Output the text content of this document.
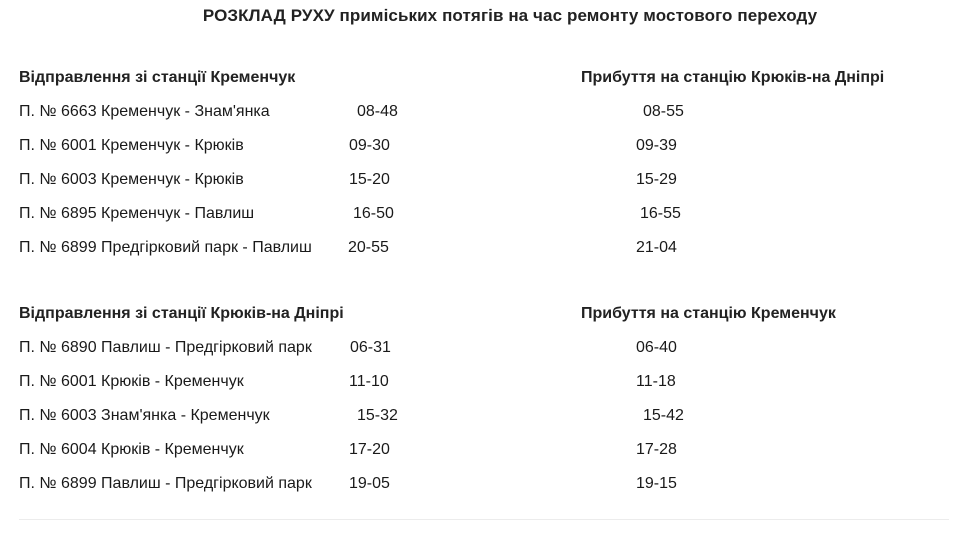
РОЗКЛАД РУХУ приміських потягів на час ремонту мостового переходу
Відправлення зі станції Кременчук	Прибуття на станцію Крюків-на Дніпрі
П. № 6663 Кременчук - Знам'янка	08-48	08-55
П. № 6001 Кременчук - Крюків	09-30	09-39
П. № 6003 Кременчук - Крюків	15-20	15-29
П. № 6895 Кременчук - Павлиш	16-50	16-55
П. № 6899 Предгірковий парк - Павлиш 20-55	21-04
Відправлення зі станції Крюків-на Дніпрі	Прибуття на станцію Кременчук
П. № 6890 Павлиш - Предгірковий парк 06-31	06-40
П. № 6001 Крюків - Кременчук	11-10	11-18
П. № 6003 Знам'янка - Кременчук	15-32	15-42
П. № 6004 Крюків - Кременчук	17-20	17-28
П. № 6899 Павлиш - Предгірковий парк 19-05	19-15
